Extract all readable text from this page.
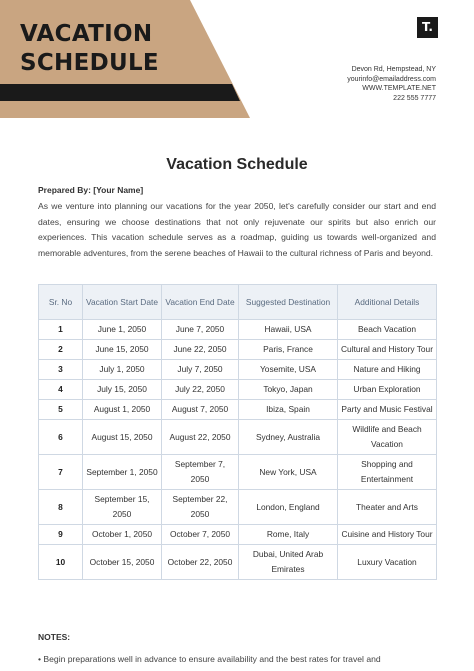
VACATION
SCHEDULE
T.
Devon Rd, Hempstead, NY
yourinfo@emailaddress.com
WWW.TEMPLATE.NET
222 555 7777
Vacation Schedule
Prepared By: [Your Name]
As we venture into planning our vacations for the year 2050, let's carefully consider our start and end dates, ensuring we choose destinations that not only rejuvenate our spirits but also enrich our experiences. This vacation schedule serves as a roadmap, guiding us towards well-organized and memorable adventures, from the serene beaches of Hawaii to the cultural richness of Paris and beyond.
Sr. No	Vacation Start Date	Vacation End Date	Suggested Destination	Additional Details
1	June 1, 2050	June 7, 2050	Hawaii, USA	Beach Vacation
2	June 15, 2050	June 22, 2050	Paris, France	Cultural and History Tour
3	July 1, 2050	July 7, 2050	Yosemite, USA	Nature and Hiking
4	July 15, 2050	July 22, 2050	Tokyo, Japan	Urban Exploration
5	August 1, 2050	August 7, 2050	Ibiza, Spain	Party and Music Festival
6	August 15, 2050	August 22, 2050	Sydney, Australia	Wildlife and Beach Vacation
7	September 1, 2050	September 7, 2050	New York, USA	Shopping and Entertainment
8	September 15, 2050	September 22, 2050	London, England	Theater and Arts
9	October 1, 2050	October 7, 2050	Rome, Italy	Cuisine and History Tour
10	October 15, 2050	October 22, 2050	Dubai, United Arab Emirates	Luxury Vacation
NOTES:
• Begin preparations well in advance to ensure availability and the best rates for travel and
